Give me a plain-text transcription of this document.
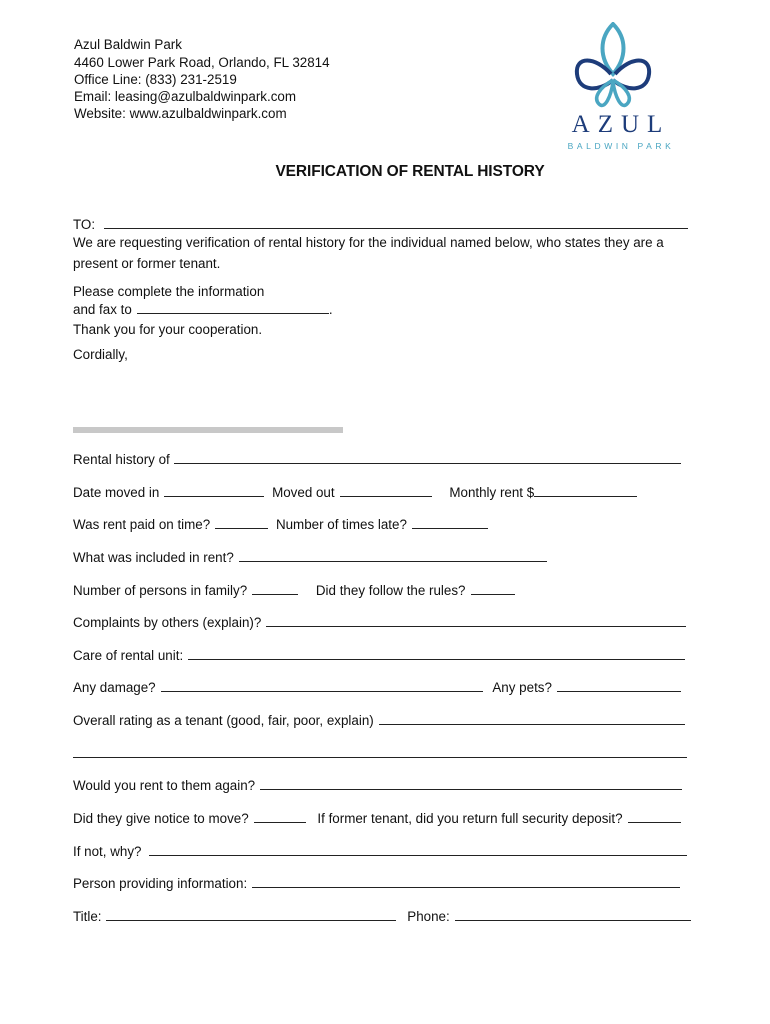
Azul Baldwin Park
4460 Lower Park Road, Orlando, FL 32814
Office Line: (833) 231-2519
Email: leasing@azulbaldwinpark.com
Website: www.azulbaldwinpark.com	AZUL
BALDWIN PARK
VERIFICATION OF RENTAL HISTORY
TO:
We are requesting verification of rental history for the individual named below, who states they are a
present or former tenant.
Please complete the information
and fax to	.
Thank you for your cooperation.
Cordially,
Rental history of
Date moved in	Moved out	Monthly rent $
Was rent paid on time?	Number of times late?
What was included in rent?
Number of persons in family?	Did they follow the rules?
Complaints by others (explain)?
Care of rental unit:
Any damage?	Any pets?
Overall rating as a tenant (good, fair, poor, explain)
Would you rent to them again?
Did they give notice to move?	If former tenant, did you return full security deposit?
If not, why?
Person providing information:
Title:	Phone:
